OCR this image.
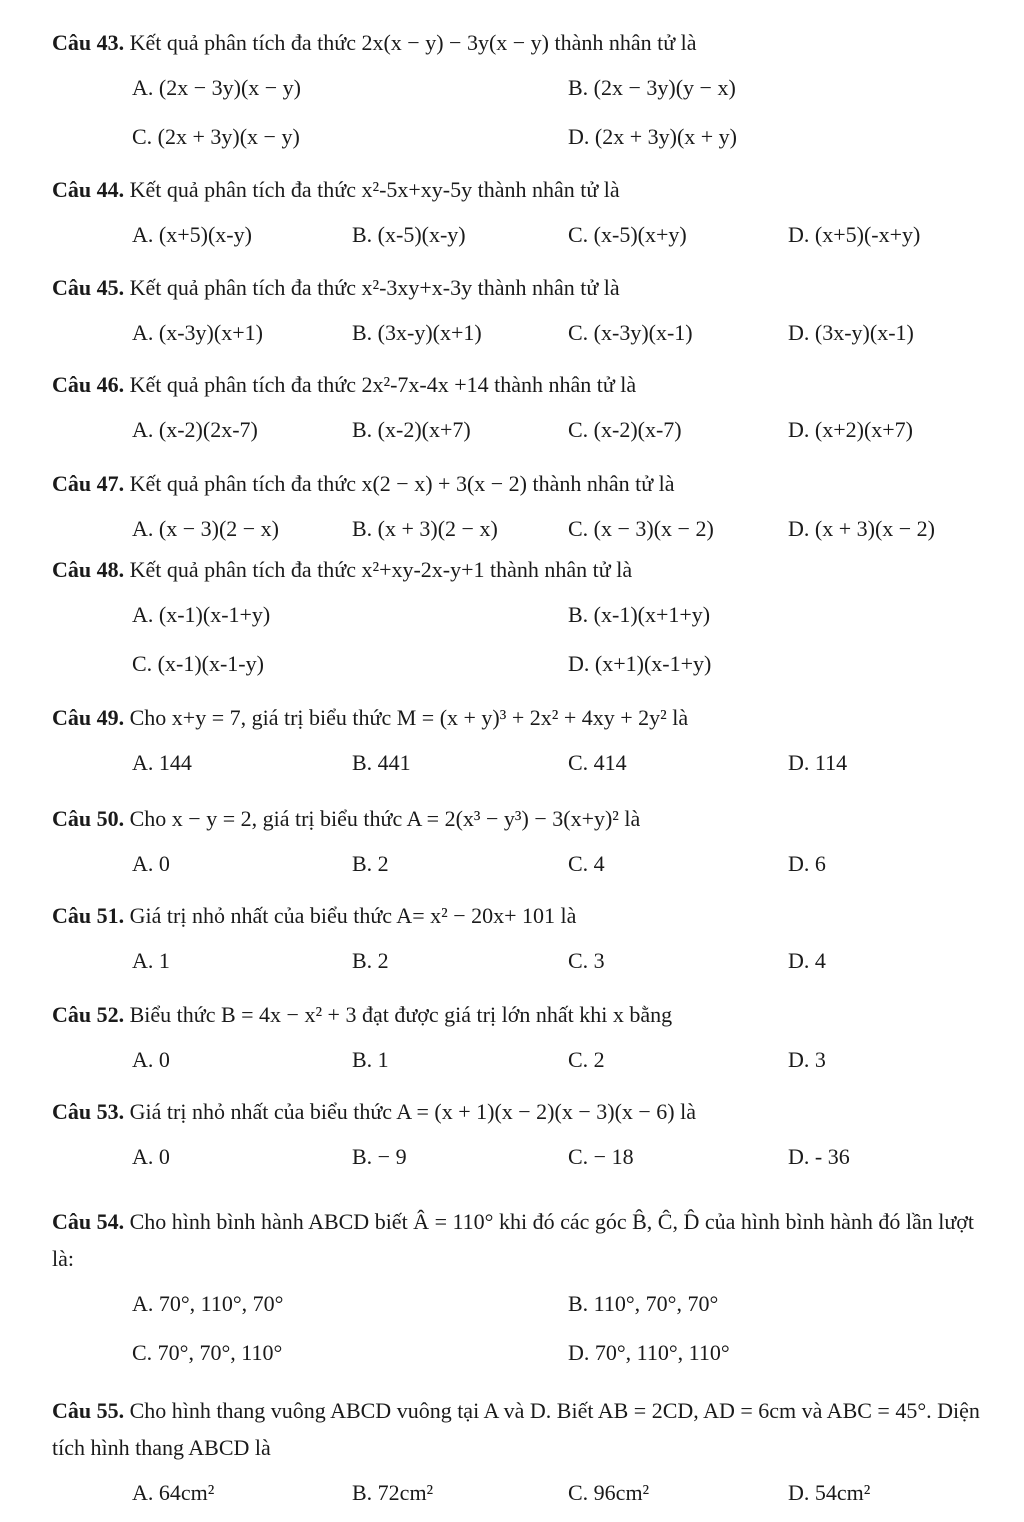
Câu 43. Kết quả phân tích đa thức 2x(x − y) − 3y(x − y) thành nhân tử là
A. (2x − 3y)(x − y)	B. (2x − 3y)(y − x)
C. (2x + 3y)(x − y)	D. (2x + 3y)(x + y)
Câu 44. Kết quả phân tích đa thức x²-5x+xy-5y thành nhân tử là
A. (x+5)(x-y)	B. (x-5)(x-y)	C. (x-5)(x+y)	D. (x+5)(-x+y)
Câu 45. Kết quả phân tích đa thức x²-3xy+x-3y thành nhân tử là
A. (x-3y)(x+1)	B. (3x-y)(x+1)	C. (x-3y)(x-1)	D. (3x-y)(x-1)
Câu 46. Kết quả phân tích đa thức 2x²-7x-4x +14 thành nhân tử là
A. (x-2)(2x-7)	B. (x-2)(x+7)	C. (x-2)(x-7)	D. (x+2)(x+7)
Câu 47. Kết quả phân tích đa thức x(2 − x) + 3(x − 2) thành nhân tử là
A. (x − 3)(2 − x)	B. (x + 3)(2 − x)	C. (x − 3)(x − 2)	D. (x + 3)(x − 2)
Câu 48. Kết quả phân tích đa thức x²+xy-2x-y+1 thành nhân tử là
A. (x-1)(x-1+y)	B. (x-1)(x+1+y)
C. (x-1)(x-1-y)	D. (x+1)(x-1+y)
Câu 49. Cho x+y = 7, giá trị biểu thức M = (x + y)³ + 2x² + 4xy + 2y² là
A. 144	B. 441	C. 414	D. 114
Câu 50. Cho x − y = 2, giá trị biểu thức A = 2(x³ − y³) − 3(x+y)² là
A. 0	B. 2	C. 4	D. 6
Câu 51. Giá trị nhỏ nhất của biểu thức A= x² − 20x+ 101 là
A. 1	B. 2	C. 3	D. 4
Câu 52. Biểu thức B = 4x − x² + 3 đạt được giá trị lớn nhất khi x bằng
A. 0	B. 1	C. 2	D. 3
Câu 53. Giá trị nhỏ nhất của biểu thức A = (x + 1)(x − 2)(x − 3)(x − 6) là
A. 0	B. − 9	C. − 18	D. - 36
Câu 54. Cho hình bình hành ABCD biết Â = 110° khi đó các góc B̂, Ĉ, D̂ của hình bình hành đó lần lượt là:
A. 70°, 110°, 70°	B. 110°, 70°, 70°
C. 70°, 70°, 110°	D. 70°, 110°, 110°
Câu 55. Cho hình thang vuông ABCD vuông tại A và D. Biết AB = 2CD, AD = 6cm và ABC = 45°. Diện tích hình thang ABCD là
A. 64cm²	B. 72cm²	C. 96cm²	D. 54cm²
